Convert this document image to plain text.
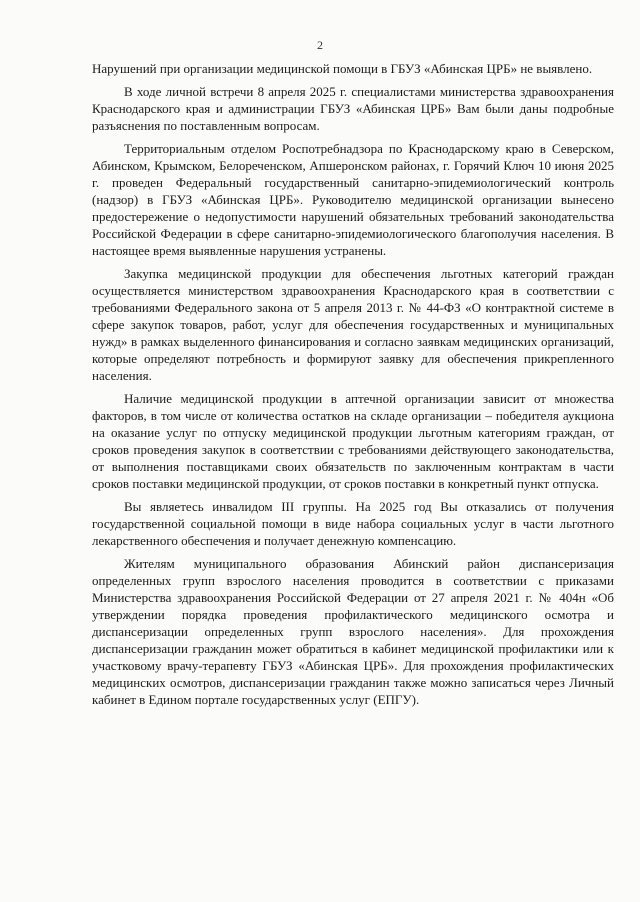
2

Нарушений при организации медицинской помощи в ГБУЗ «Абинская ЦРБ» не выявлено.

В ходе личной встречи 8 апреля 2025 г. специалистами министерства здравоохранения Краснодарского края и администрации ГБУЗ «Абинская ЦРБ» Вам были даны подробные разъяснения по поставленным вопросам.

Территориальным отделом Роспотребнадзора по Краснодарскому краю в Северском, Абинском, Крымском, Белореченском, Апшеронском районах, г. Горячий Ключ 10 июня 2025 г. проведен Федеральный государственный санитарно-эпидемиологический контроль (надзор) в ГБУЗ «Абинская ЦРБ». Руководителю медицинской организации вынесено предостережение о недопустимости нарушений обязательных требований законодательства Российской Федерации в сфере санитарно-эпидемиологического благополучия населения. В настоящее время выявленные нарушения устранены.

Закупка медицинской продукции для обеспечения льготных категорий граждан осуществляется министерством здравоохранения Краснодарского края в соответствии с требованиями Федерального закона от 5 апреля 2013 г. № 44-ФЗ «О контрактной системе в сфере закупок товаров, работ, услуг для обеспечения государственных и муниципальных нужд» в рамках выделенного финансирования и согласно заявкам медицинских организаций, которые определяют потребность и формируют заявку для обеспечения прикрепленного населения.

Наличие медицинской продукции в аптечной организации зависит от множества факторов, в том числе от количества остатков на складе организации – победителя аукциона на оказание услуг по отпуску медицинской продукции льготным категориям граждан, от сроков проведения закупок в соответствии с требованиями действующего законодательства, от выполнения поставщиками своих обязательств по заключенным контрактам в части сроков поставки медицинской продукции, от сроков поставки в конкретный пункт отпуска.

Вы являетесь инвалидом III группы. На 2025 год Вы отказались от получения государственной социальной помощи в виде набора социальных услуг в части льготного лекарственного обеспечения и получает денежную компенсацию.

Жителям муниципального образования Абинский район диспансеризация определенных групп взрослого населения проводится в соответствии с приказами Министерства здравоохранения Российской Федерации от 27 апреля 2021 г. № 404н «Об утверждении порядка проведения профилактического медицинского осмотра и диспансеризации определенных групп взрослого населения». Для прохождения диспансеризации гражданин может обратиться в кабинет медицинской профилактики или к участковому врачу-терапевту ГБУЗ «Абинская ЦРБ». Для прохождения профилактических медицинских осмотров, диспансеризации гражданин также можно записаться через Личный кабинет в Едином портале государственных услуг (ЕПГУ).
